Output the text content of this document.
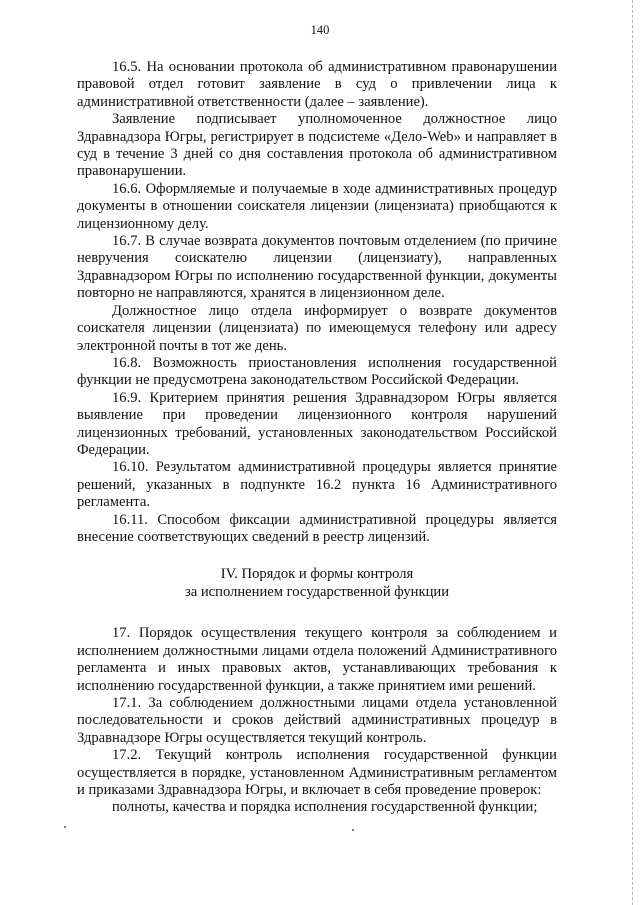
140

16.5. На основании протокола об административном правонарушении правовой отдел готовит заявление в суд о привлечении лица к административной ответственности (далее – заявление).

Заявление подписывает уполномоченное должностное лицо Здравнадзора Югры, регистрирует в подсистеме «Дело-Web» и направляет в суд в течение 3 дней со дня составления протокола об административном правонарушении.

16.6. Оформляемые и получаемые в ходе административных процедур документы в отношении соискателя лицензии (лицензиата) приобщаются к лицензионному делу.

16.7. В случае возврата документов почтовым отделением (по причине невручения соискателю лицензии (лицензиату), направленных Здравнадзором Югры по исполнению государственной функции, документы повторно не направляются, хранятся в лицензионном деле.

Должностное лицо отдела информирует о возврате документов соискателя лицензии (лицензиата) по имеющемуся телефону или адресу электронной почты в тот же день.

16.8. Возможность приостановления исполнения государственной функции не предусмотрена законодательством Российской Федерации.

16.9. Критерием принятия решения Здравнадзором Югры является выявление при проведении лицензионного контроля нарушений лицензионных требований, установленных законодательством Российской Федерации.

16.10. Результатом административной процедуры является принятие решений, указанных в подпункте 16.2 пункта 16 Административного регламента.

16.11. Способом фиксации административной процедуры является внесение соответствующих сведений в реестр лицензий.

IV. Порядок и формы контроля
за исполнением государственной функции

17. Порядок осуществления текущего контроля за соблюдением и исполнением должностными лицами отдела положений Административного регламента и иных правовых актов, устанавливающих требования к исполнению государственной функции, а также принятием ими решений.

17.1. За соблюдением должностными лицами отдела установленной последовательности и сроков действий административных процедур в Здравнадзоре Югры осуществляется текущий контроль.

17.2. Текущий контроль исполнения государственной функции осуществляется в порядке, установленном Административным регламентом и приказами Здравнадзора Югры, и включает в себя проведение проверок:

полноты, качества и порядка исполнения государственной функции;
